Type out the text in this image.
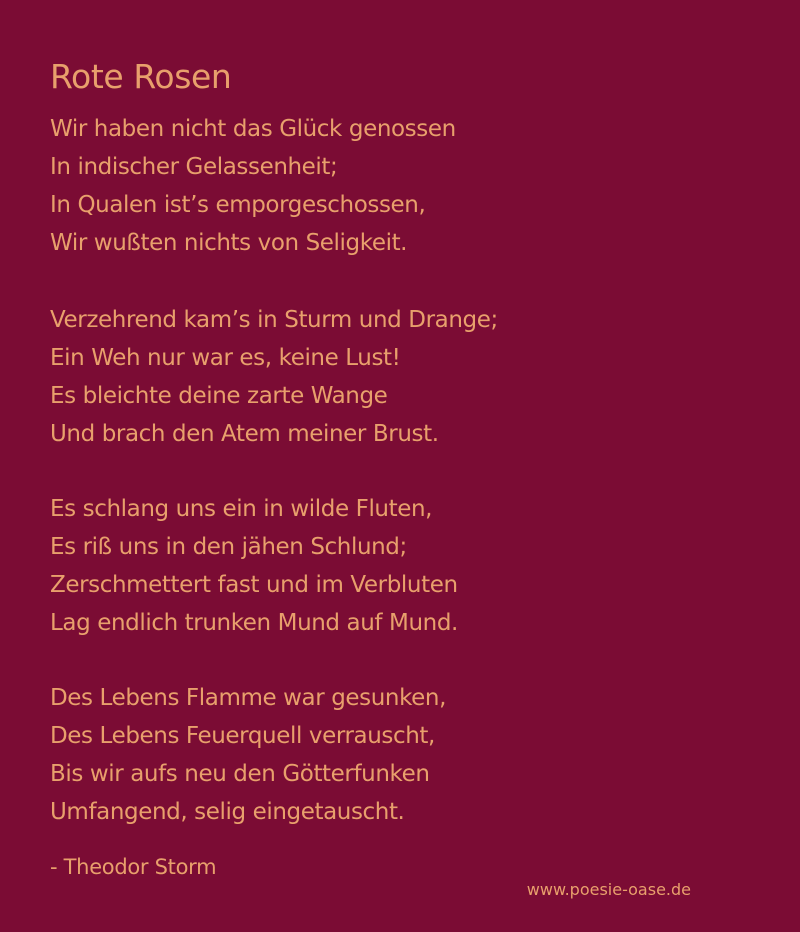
Rote Rosen
Wir haben nicht das Glück genossen
In indischer Gelassenheit;
In Qualen ist’s emporgeschossen,
Wir wußten nichts von Seligkeit.
Verzehrend kam’s in Sturm und Drange;
Ein Weh nur war es, keine Lust!
Es bleichte deine zarte Wange
Und brach den Atem meiner Brust.
Es schlang uns ein in wilde Fluten,
Es riß uns in den jähen Schlund;
Zerschmettert fast und im Verbluten
Lag endlich trunken Mund auf Mund.
Des Lebens Flamme war gesunken,
Des Lebens Feuerquell verrauscht,
Bis wir aufs neu den Götterfunken
Umfangend, selig eingetauscht.
- Theodor Storm
www.poesie-oase.de
